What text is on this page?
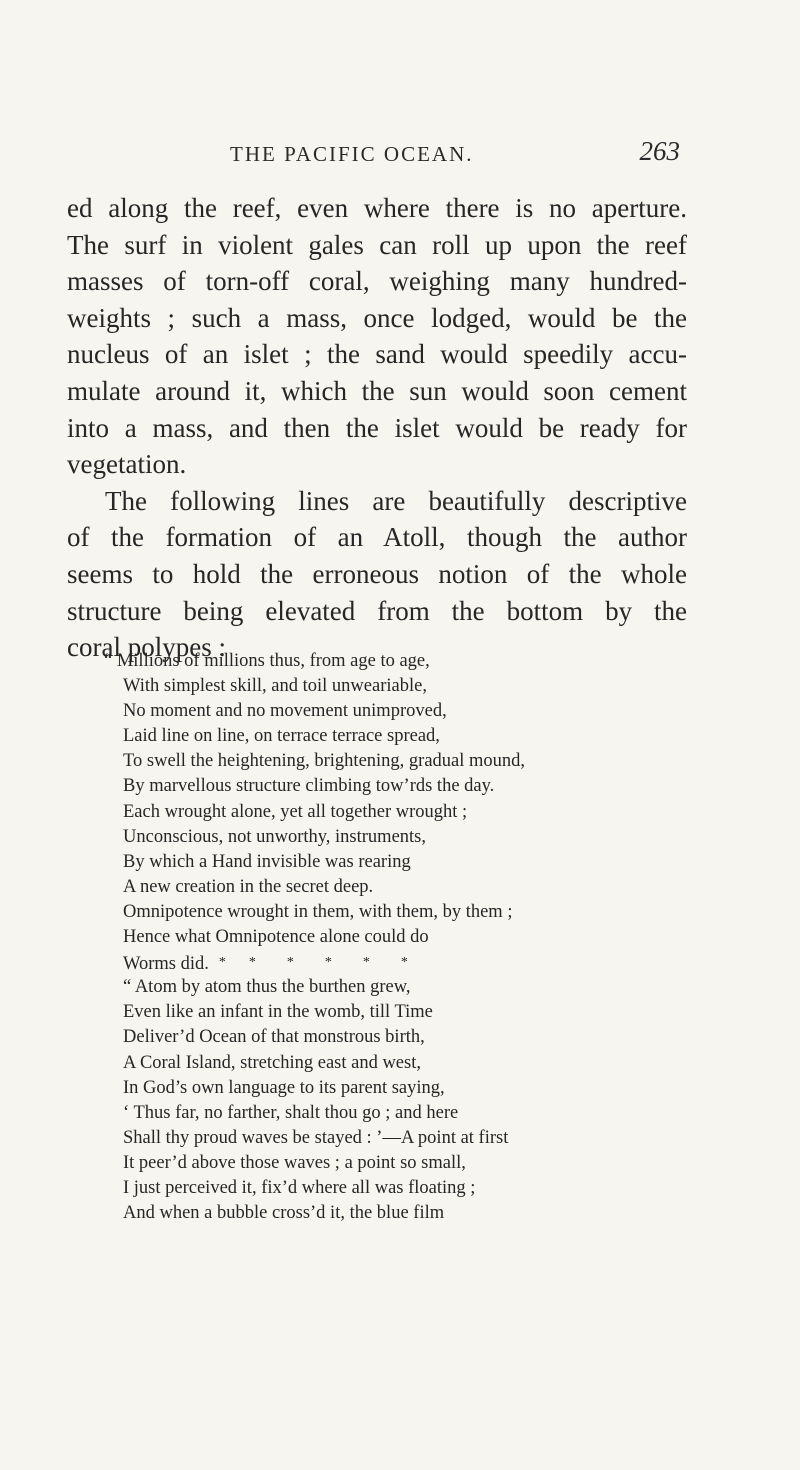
THE PACIFIC OCEAN.	263
ed along the reef, even where there is no aperture.
The surf in violent gales can roll up upon the reef
masses of torn-off coral, weighing many hundred-
weights ; such a mass, once lodged, would be the
nucleus of an islet ; the sand would speedily accu-
mulate around it, which the sun would soon cement
into a mass, and then the islet would be ready for
vegetation.
The following lines are beautifully descriptive
of the formation of an Atoll, though the author
seems to hold the erroneous notion of the whole
structure being elevated from the bottom by the
coral polypes :
“ Millions of millions thus, from age to age,
With simplest skill, and toil unweariable,
No moment and no movement unimproved,
Laid line on line, on terrace terrace spread,
To swell the heightening, brightening, gradual mound,
By marvellous structure climbing tow’rds the day.
Each wrought alone, yet all together wrought ;
Unconscious, not unworthy, instruments,
By which a Hand invisible was rearing
A new creation in the secret deep.
Omnipotence wrought in them, with them, by them ;
Hence what Omnipotence alone could do
Worms did. * * * * * *
“ Atom by atom thus the burthen grew,
Even like an infant in the womb, till Time
Deliver’d Ocean of that monstrous birth,
A Coral Island, stretching east and west,
In God’s own language to its parent saying,
‘ Thus far, no farther, shalt thou go ; and here
Shall thy proud waves be stayed : ’—A point at first
It peer’d above those waves ; a point so small,
I just perceived it, fix’d where all was floating ;
And when a bubble cross’d it, the blue film
